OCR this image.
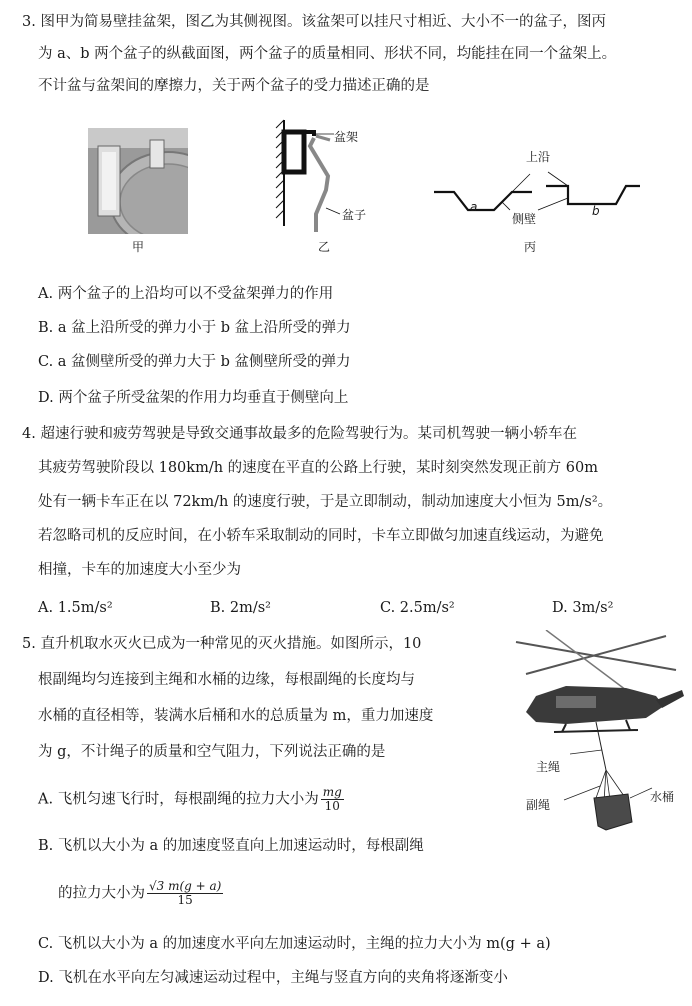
3. 图甲为简易壁挂盆架，图乙为其侧视图。该盆架可以挂尺寸相近、大小不一的盆子，图丙
为 a、b 两个盆子的纵截面图，两个盆子的质量相同、形状不同，均能挂在同一个盆架上。
不计盆与盆架间的摩擦力，关于两个盆子的受力描述正确的是
甲
盆架
盆子
乙
上沿
侧壁
a	b
丙
A. 两个盆子的上沿均可以不受盆架弹力的作用
B. a 盆上沿所受的弹力小于 b 盆上沿所受的弹力
C. a 盆侧壁所受的弹力大于 b 盆侧壁所受的弹力
D. 两个盆子所受盆架的作用力均垂直于侧壁向上
4. 超速行驶和疲劳驾驶是导致交通事故最多的危险驾驶行为。某司机驾驶一辆小轿车在
其疲劳驾驶阶段以 180km/h 的速度在平直的公路上行驶，某时刻突然发现正前方 60m
处有一辆卡车正在以 72km/h 的速度行驶，于是立即制动，制动加速度大小恒为 5m/s²。
若忽略司机的反应时间，在小轿车采取制动的同时，卡车立即做匀加速直线运动，为避免
相撞，卡车的加速度大小至少为
A. 1.5m/s²	B. 2m/s²	C. 2.5m/s²	D. 3m/s²
5. 直升机取水灭火已成为一种常见的灭火措施。如图所示，10
根副绳均匀连接到主绳和水桶的边缘，每根副绳的长度均与
水桶的直径相等，装满水后桶和水的总质量为 m，重力加速度
为 g，不计绳子的质量和空气阻力，下列说法正确的是
主绳
水桶
副绳
A. 飞机匀速飞行时，每根副绳的拉力大小为 $\frac{mg}{10}$
B. 飞机以大小为 a 的加速度竖直向上加速运动时，每根副绳
的拉力大小为 $\frac{√3 m(g + a)}{15}$
C. 飞机以大小为 a 的加速度水平向左加速运动时，主绳的拉力大小为 m(g + a)
D. 飞机在水平向左匀减速运动过程中，主绳与竖直方向的夹角将逐渐变小
